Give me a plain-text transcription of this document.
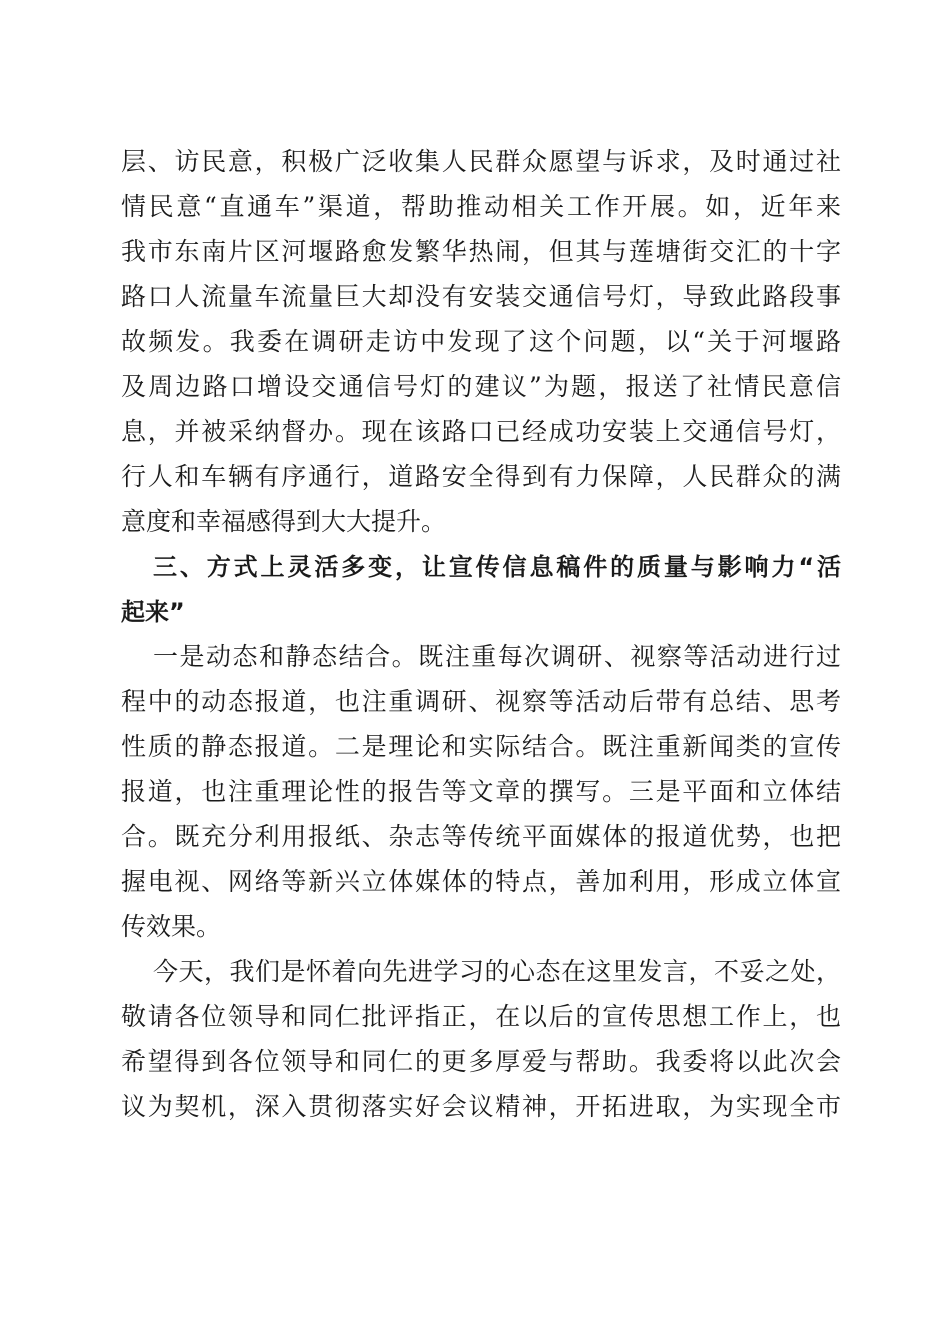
层、访民意，积极广泛收集人民群众愿望与诉求，及时通过社
情民意“直通车”渠道，帮助推动相关工作开展。如，近年来
我市东南片区河堰路愈发繁华热闹，但其与莲塘街交汇的十字
路口人流量车流量巨大却没有安装交通信号灯，导致此路段事
故频发。我委在调研走访中发现了这个问题，以“关于河堰路
及周边路口增设交通信号灯的建议”为题，报送了社情民意信
息，并被采纳督办。现在该路口已经成功安装上交通信号灯，
行人和车辆有序通行，道路安全得到有力保障，人民群众的满
意度和幸福感得到大大提升。
三、方式上灵活多变，让宣传信息稿件的质量与影响力“活
起来”
一是动态和静态结合。既注重每次调研、视察等活动进行过
程中的动态报道，也注重调研、视察等活动后带有总结、思考
性质的静态报道。二是理论和实际结合。既注重新闻类的宣传
报道，也注重理论性的报告等文章的撰写。三是平面和立体结
合。既充分利用报纸、杂志等传统平面媒体的报道优势，也把
握电视、网络等新兴立体媒体的特点，善加利用，形成立体宣
传效果。
今天，我们是怀着向先进学习的心态在这里发言，不妥之处，
敬请各位领导和同仁批评指正，在以后的宣传思想工作上，也
希望得到各位领导和同仁的更多厚爱与帮助。我委将以此次会
议为契机，深入贯彻落实好会议精神，开拓进取，为实现全市
